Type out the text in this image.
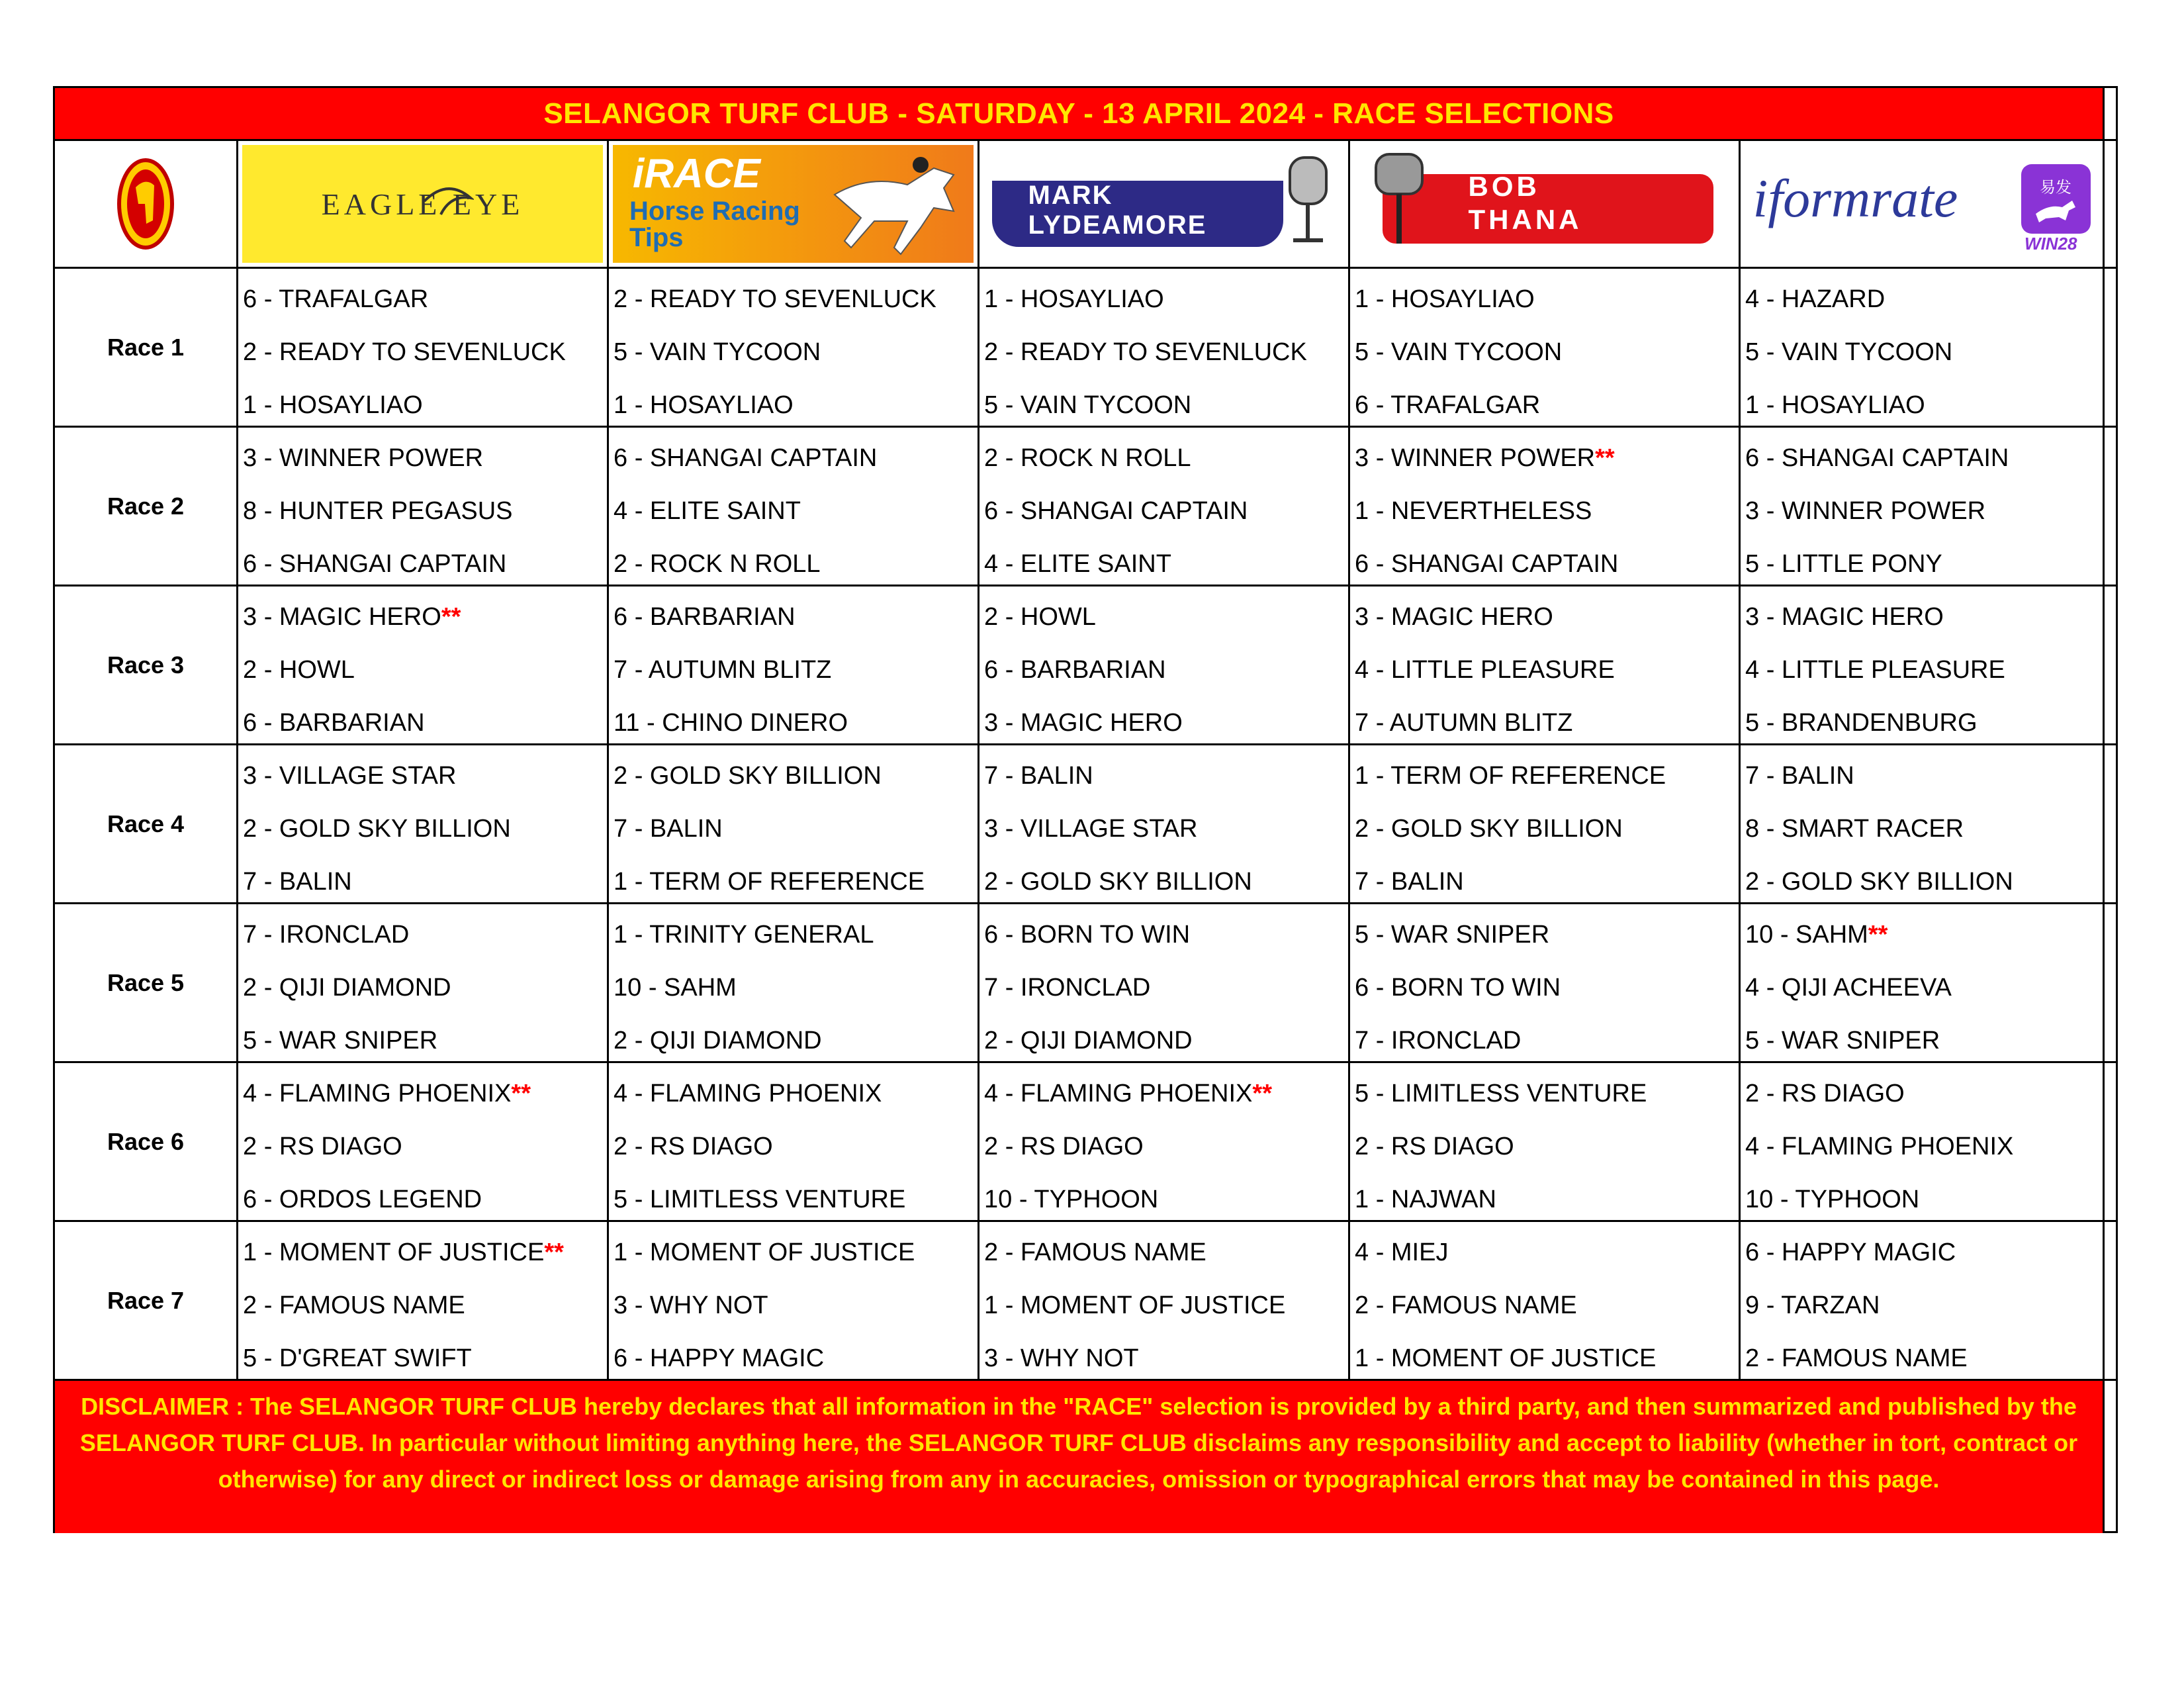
SELANGOR TURF CLUB - SATURDAY - 13 APRIL 2024 - RACE SELECTIONS
EAGLE EYE
iRACE
Horse Racing
Tips
MARK
LYDEAMORE
BOB
THANA	iformrate	易发
WIN28
Race 1
6 - TRAFALGAR
2 - READY TO SEVENLUCK
1 - HOSAYLIAO
2 - READY TO SEVENLUCK
5 - VAIN TYCOON
1 - HOSAYLIAO
1 - HOSAYLIAO
2 - READY TO SEVENLUCK
5 - VAIN TYCOON
1 - HOSAYLIAO
5 - VAIN TYCOON
6 - TRAFALGAR
4 - HAZARD
5 - VAIN TYCOON
1 - HOSAYLIAO
Race 2
3 - WINNER POWER
8 - HUNTER PEGASUS
6 - SHANGAI CAPTAIN
6 - SHANGAI CAPTAIN
4 - ELITE SAINT
2 - ROCK N ROLL
2 - ROCK N ROLL
6 - SHANGAI CAPTAIN
4 - ELITE SAINT
3 - WINNER POWER**
1 - NEVERTHELESS
6 - SHANGAI CAPTAIN
6 - SHANGAI CAPTAIN
3 - WINNER POWER
5 - LITTLE PONY
Race 3
3 - MAGIC HERO**
2 - HOWL
6 - BARBARIAN
6 - BARBARIAN
7 - AUTUMN BLITZ
11 - CHINO DINERO
2 - HOWL
6 - BARBARIAN
3 - MAGIC HERO
3 - MAGIC HERO
4 - LITTLE PLEASURE
7 - AUTUMN BLITZ
3 - MAGIC HERO
4 - LITTLE PLEASURE
5 - BRANDENBURG
Race 4
3 - VILLAGE STAR
2 - GOLD SKY BILLION
7 - BALIN
2 - GOLD SKY BILLION
7 - BALIN
1 - TERM OF REFERENCE
7 - BALIN
3 - VILLAGE STAR
2 - GOLD SKY BILLION
1 - TERM OF REFERENCE
2 - GOLD SKY BILLION
7 - BALIN
7 - BALIN
8 - SMART RACER
2 - GOLD SKY BILLION
Race 5
7 - IRONCLAD
2 - QIJI DIAMOND
5 - WAR SNIPER
1 - TRINITY GENERAL
10 - SAHM
2 - QIJI DIAMOND
6 - BORN TO WIN
7 - IRONCLAD
2 - QIJI DIAMOND
5 - WAR SNIPER
6 - BORN TO WIN
7 - IRONCLAD
10 - SAHM**
4 - QIJI ACHEEVA
5 - WAR SNIPER
Race 6
4 - FLAMING PHOENIX**
2 - RS DIAGO
6 - ORDOS LEGEND
4 - FLAMING PHOENIX
2 - RS DIAGO
5 - LIMITLESS VENTURE
4 - FLAMING PHOENIX**
2 - RS DIAGO
10 - TYPHOON
5 - LIMITLESS VENTURE
2 - RS DIAGO
1 - NAJWAN
2 - RS DIAGO
4 - FLAMING PHOENIX
10 - TYPHOON
Race 7
1 - MOMENT OF JUSTICE**
2 - FAMOUS NAME
5 - D'GREAT SWIFT
1 - MOMENT OF JUSTICE
3 - WHY NOT
6 - HAPPY MAGIC
2 - FAMOUS NAME
1 - MOMENT OF JUSTICE
3 - WHY NOT
4 - MIEJ
2 - FAMOUS NAME
1 - MOMENT OF JUSTICE
6 - HAPPY MAGIC
9 - TARZAN
2 - FAMOUS NAME
DISCLAIMER : The SELANGOR TURF CLUB hereby declares that all information in the "RACE" selection is provided by a third party, and then summarized and published by the
SELANGOR TURF CLUB. In particular without limiting anything here, the SELANGOR TURF CLUB disclaims any responsibility and accept to liability (whether in tort, contract or
otherwise) for any direct or indirect loss or damage arising from any in accuracies, omission or typographical errors that may be contained in this page.
